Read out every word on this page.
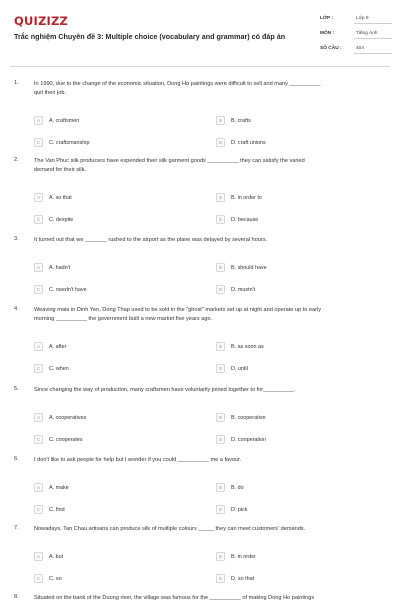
QUIZIZZ
Trắc nghiệm Chuyên đề 3: Multiple choice (vocabulary and grammar) có đáp án
LỚP :	Lớp 9
MÔN :	Tiếng Anh
SỐ CÂU :	404
1.	In 1990, due to the change of the economic situation, Dong Ho paintings were difficult to sell and many __________
quit their job.
A	A. craftsmen	B	B. crafts
C	C. craftsmanship	D	D. craft unions
2.	The Van Phuc silk producers have expended their silk garment goods __________ they can satisfy the varied
demand for their silk.
A	A. so that	B	B. in order to
C	C. despite	D	D. because
3.	It turned out that we _______ rushed to the airport as the plane was delayed by several hours.
A	A. hadn't	B	B. should have
C	C. needn't have	D	D. mustn't
4.	Weaving mats in Dinh Yen, Dong Thap used to be sold in the "ghost" markets set up at night and operate up to early
morning __________ the government built a new market five years ago.
A	A. after	B	B. as soon as
C	C. when	D	D. until
5.	Since changing the way of production, many craftsmen have voluntarily joined together to for__________.
A	A. cooperatives	B	B. cooperative
C	C. cooperates	D	D. cooperation
6.	I don't like to ask people for help but I wonder if you could __________ me a favour.
A	A. make	B	B. do
C	C. find	D	D. pick
7.	Nowadays, Tan Chau artisans can produce silk of multiple colours _____ they can meet customers' demands.
A	A. but	B	B. in order
C	C. so	D	D. so that
8.	Situated on the bank of the Duong river, the village was famous for the __________ of making Dong Ho paintings
